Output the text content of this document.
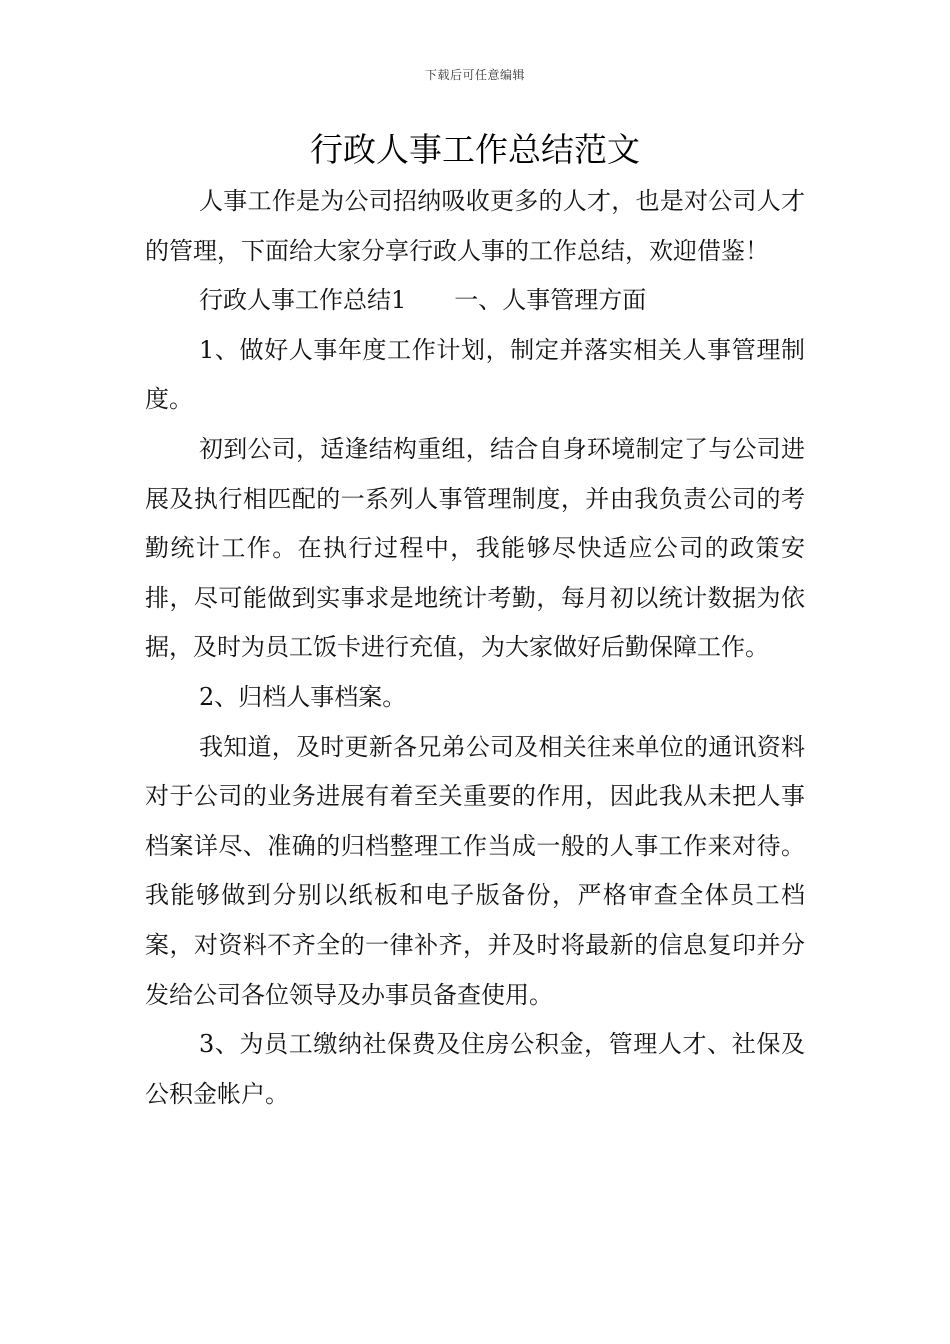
下载后可任意编辑
行政人事工作总结范文

人事工作是为公司招纳吸收更多的人才，也是对公司人才的管理，下面给大家分享行政人事的工作总结，欢迎借鉴！

行政人事工作总结1 一、人事管理方面

1、做好人事年度工作计划，制定并落实相关人事管理制度。

初到公司，适逢结构重组，结合自身环境制定了与公司进展及执行相匹配的一系列人事管理制度，并由我负责公司的考勤统计工作。在执行过程中，我能够尽快适应公司的政策安排，尽可能做到实事求是地统计考勤，每月初以统计数据为依据，及时为员工饭卡进行充值，为大家做好后勤保障工作。

2、归档人事档案。

我知道，及时更新各兄弟公司及相关往来单位的通讯资料对于公司的业务进展有着至关重要的作用，因此我从未把人事档案详尽、准确的归档整理工作当成一般的人事工作来对待。我能够做到分别以纸板和电子版备份，严格审查全体员工档案，对资料不齐全的一律补齐，并及时将最新的信息复印并分发给公司各位领导及办事员备查使用。

3、为员工缴纳社保费及住房公积金，管理人才、社保及公积金帐户。
